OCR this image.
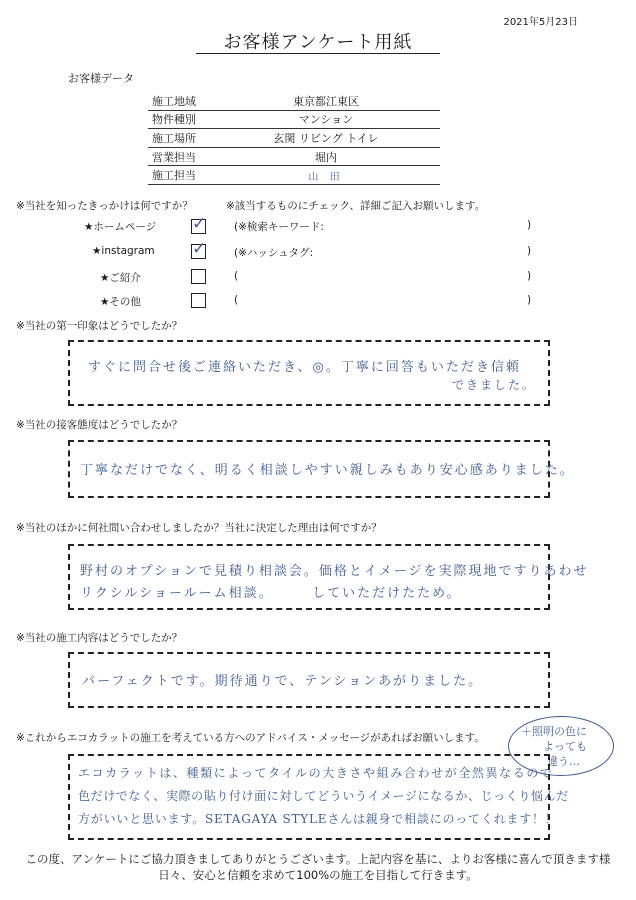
2021年5月23日
お客様アンケート用紙
お客様データ
施工地域	東京都江東区
物件種別	マンション
施工場所	玄関 リビング トイレ
営業担当	堀内
施工担当	山 田
※当社を知ったきっかけは何ですか？	※該当するものにチェック、詳細ご記入お願いします。
★ホームページ ✓	(※検索キーワード:	)
★instagram ✓	(※ハッシュタグ:	)
★ご紹介	(	)
★その他	(	)
※当社の第一印象はどうでしたか？
すぐに問合せ後ご連絡いただき、◎。丁寧に回答もいただき信頼
できました。
※当社の接客態度はどうでしたか？
丁寧なだけでなく、明るく相談しやすい親しみもあり安心感ありました。
※当社のほかに何社問い合わせしましたか？当社に決定した理由は何ですか？
野村のオプションで見積り相談会。価格とイメージを実際現地ですりあわせ
リクシルショールーム相談。　　　していただけたため。
※当社の施工内容はどうでしたか？
パーフェクトです。期待通りで、テンションあがりました。
※これからエコカラットの施工を考えている方へのアドバイス・メッセージがあればお願いします。	＋照明の色に
よっても
違う…
エコカラットは、種類によってタイルの大きさや組み合わせが全然異なるので
色だけでなく、実際の貼り付け面に対してどういうイメージになるか、じっくり悩んだ
方がいいと思います。SETAGAYA STYLEさんは親身で相談にのってくれます！！
この度、アンケートにご協力頂きましてありがとうございます。上記内容を基に、よりお客様に喜んで頂きます様
日々、安心と信頼を求めて100%の施工を目指して行きます。
